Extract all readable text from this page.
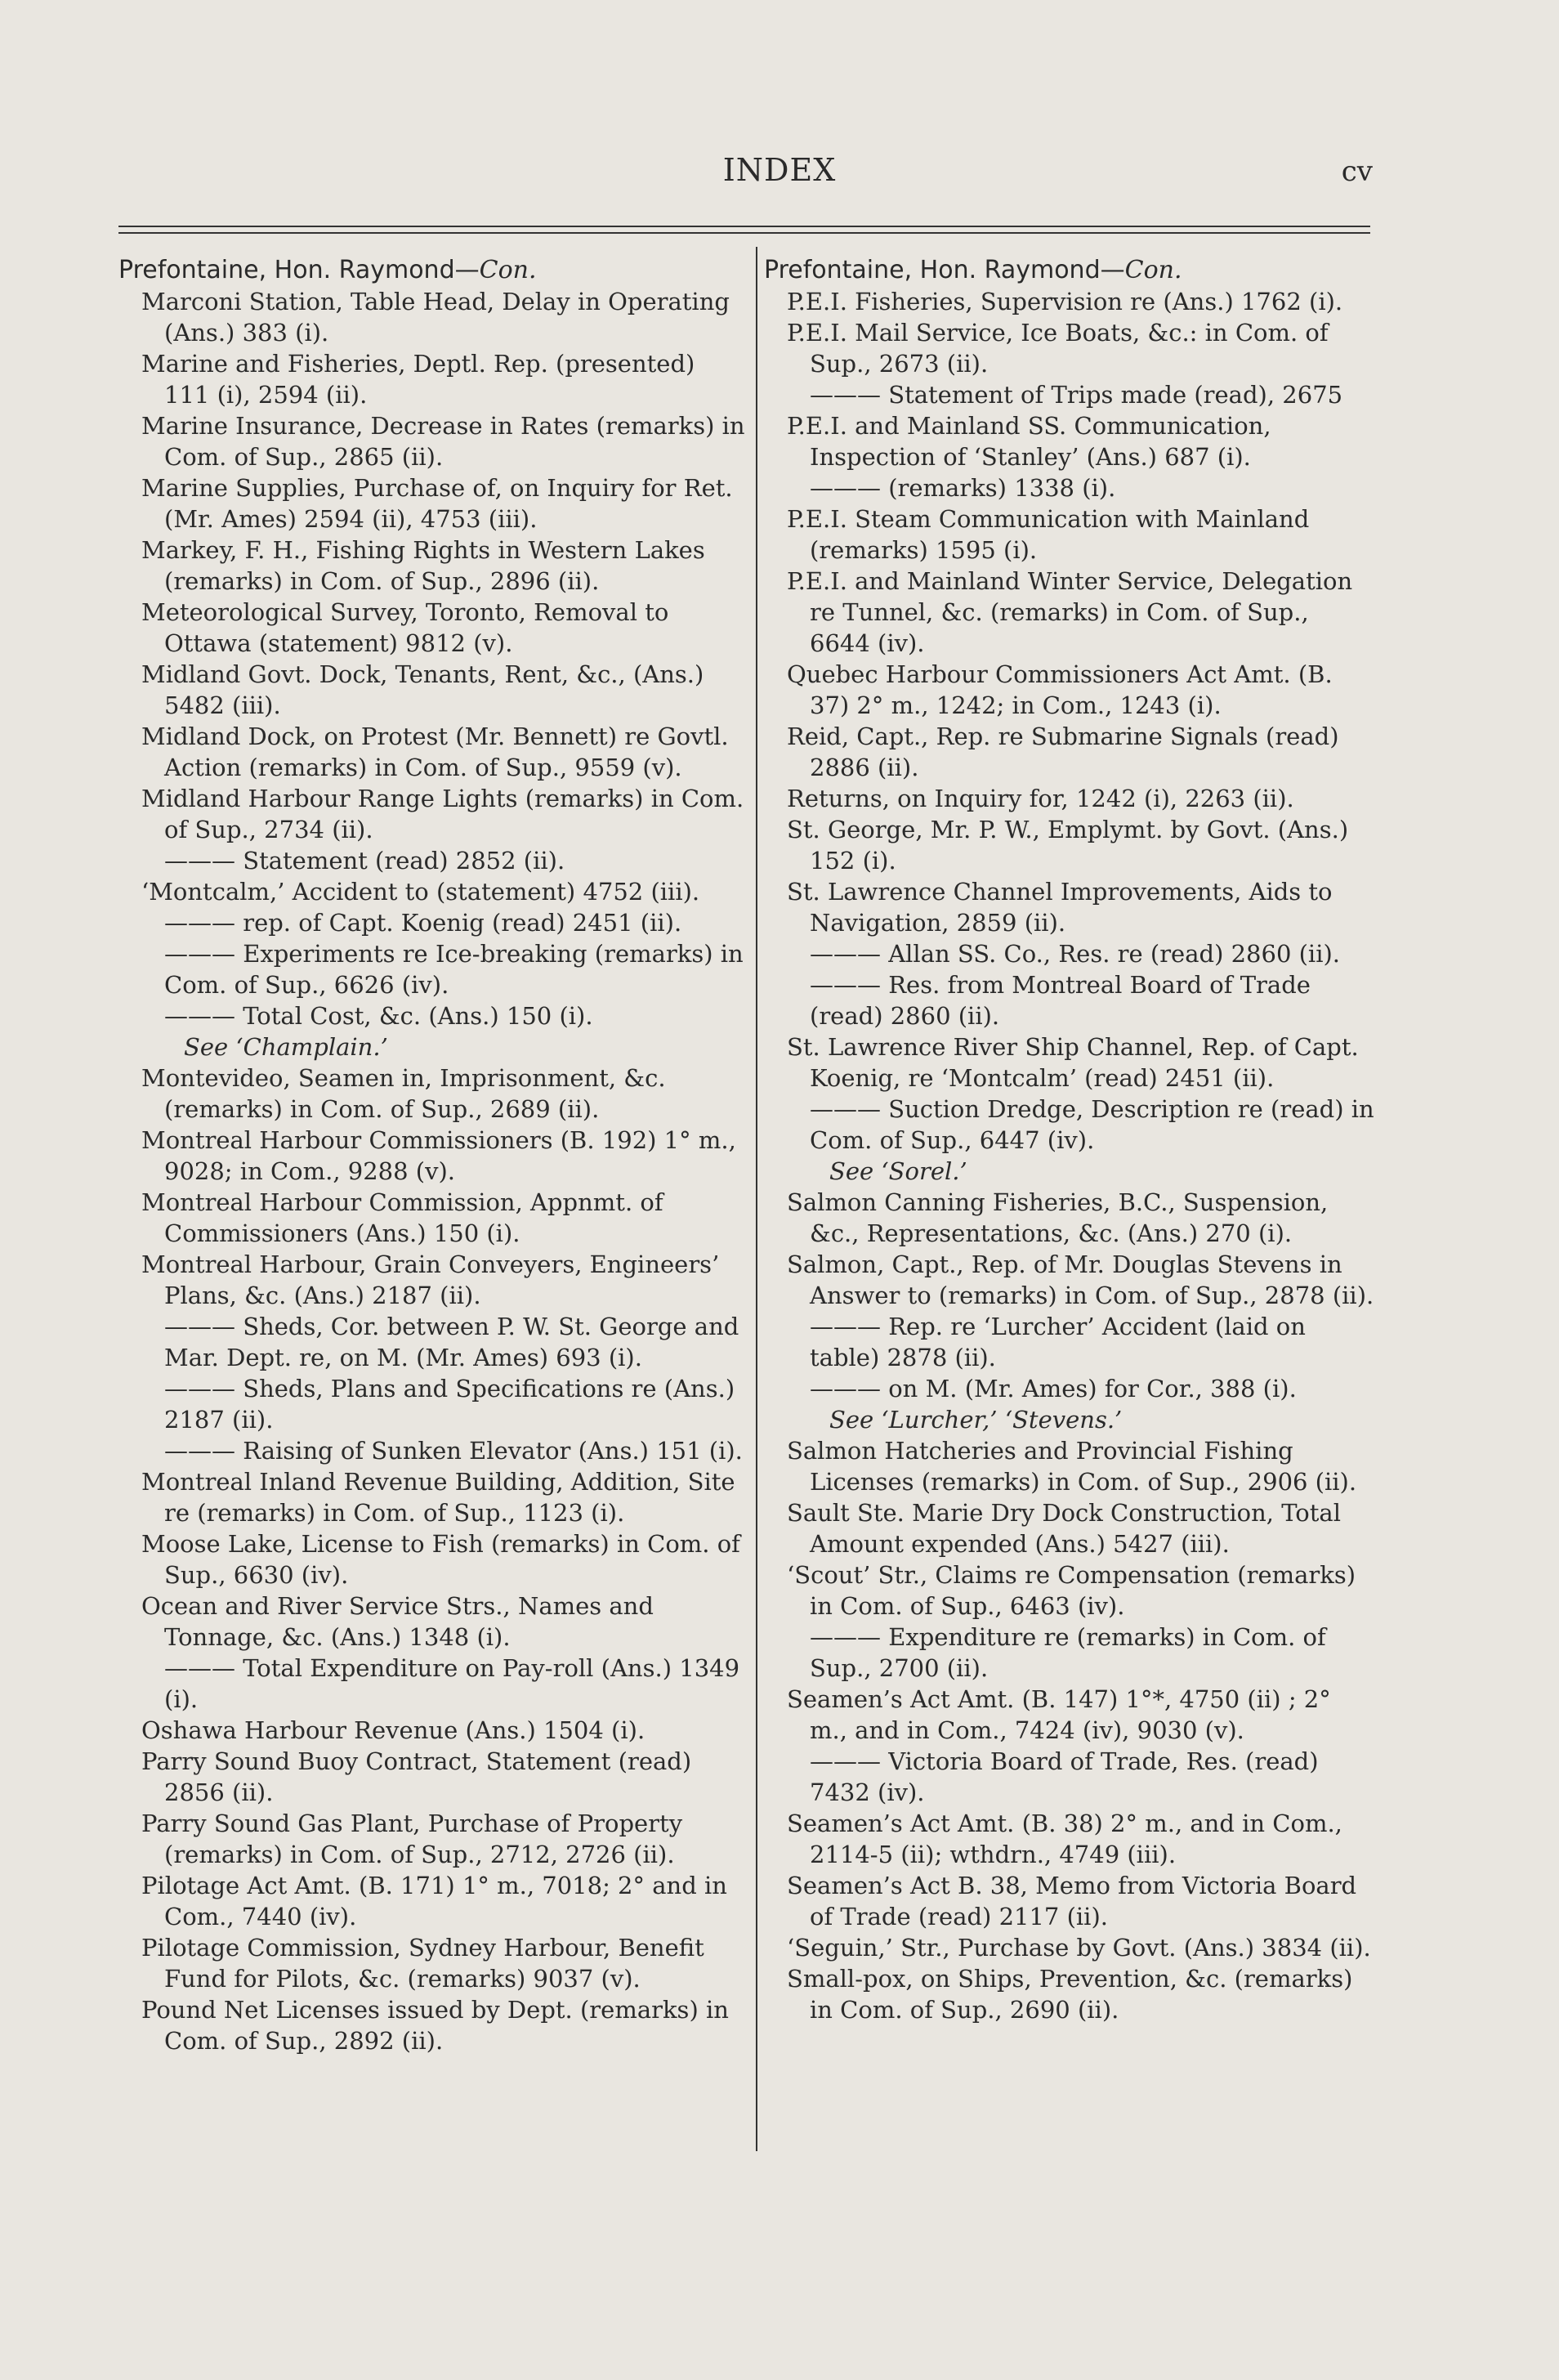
INDEX	cv
Prefontaine, Hon. Raymond—Con.
Marconi Station, Table Head, Delay in Operating (Ans.) 383 (i).
Marine and Fisheries, Deptl. Rep. (presented) 111 (i), 2594 (ii).
Marine Insurance, Decrease in Rates (remarks) in Com. of Sup., 2865 (ii).
Marine Supplies, Purchase of, on Inquiry for Ret. (Mr. Ames) 2594 (ii), 4753 (iii).
Markey, F. H., Fishing Rights in Western Lakes (remarks) in Com. of Sup., 2896 (ii).
Meteorological Survey, Toronto, Removal to Ottawa (statement) 9812 (v).
Midland Govt. Dock, Tenants, Rent, &c., (Ans.) 5482 (iii).
Midland Dock, on Protest (Mr. Bennett) re Govtl. Action (remarks) in Com. of Sup., 9559 (v).
Midland Harbour Range Lights (remarks) in Com. of Sup., 2734 (ii).
——— Statement (read) 2852 (ii).
‘Montcalm,’ Accident to (statement) 4752 (iii).
——— rep. of Capt. Koenig (read) 2451 (ii).
——— Experiments re Ice-breaking (remarks) in Com. of Sup., 6626 (iv).
——— Total Cost, &c. (Ans.) 150 (i).
See ‘Champlain.’
Montevideo, Seamen in, Imprisonment, &c. (remarks) in Com. of Sup., 2689 (ii).
Montreal Harbour Commissioners (B. 192) 1° m., 9028; in Com., 9288 (v).
Montreal Harbour Commission, Appnmt. of Commissioners (Ans.) 150 (i).
Montreal Harbour, Grain Conveyers, Engineers’ Plans, &c. (Ans.) 2187 (ii).
——— Sheds, Cor. between P. W. St. George and Mar. Dept. re, on M. (Mr. Ames) 693 (i).
——— Sheds, Plans and Specifications re (Ans.) 2187 (ii).
——— Raising of Sunken Elevator (Ans.) 151 (i).
Montreal Inland Revenue Building, Addition, Site re (remarks) in Com. of Sup., 1123 (i).
Moose Lake, License to Fish (remarks) in Com. of Sup., 6630 (iv).
Ocean and River Service Strs., Names and Tonnage, &c. (Ans.) 1348 (i).
——— Total Expenditure on Pay-roll (Ans.) 1349 (i).
Oshawa Harbour Revenue (Ans.) 1504 (i).
Parry Sound Buoy Contract, Statement (read) 2856 (ii).
Parry Sound Gas Plant, Purchase of Property (remarks) in Com. of Sup., 2712, 2726 (ii).
Pilotage Act Amt. (B. 171) 1° m., 7018; 2° and in Com., 7440 (iv).
Pilotage Commission, Sydney Harbour, Benefit Fund for Pilots, &c. (remarks) 9037 (v).
Pound Net Licenses issued by Dept. (remarks) in Com. of Sup., 2892 (ii).
Prefontaine, Hon. Raymond—Con.
P.E.I. Fisheries, Supervision re (Ans.) 1762 (i).
P.E.I. Mail Service, Ice Boats, &c.: in Com. of Sup., 2673 (ii).
——— Statement of Trips made (read), 2675
P.E.I. and Mainland SS. Communication, Inspection of ‘Stanley’ (Ans.) 687 (i).
——— (remarks) 1338 (i).
P.E.I. Steam Communication with Mainland (remarks) 1595 (i).
P.E.I. and Mainland Winter Service, Delegation re Tunnel, &c. (remarks) in Com. of Sup., 6644 (iv).
Quebec Harbour Commissioners Act Amt. (B. 37) 2° m., 1242; in Com., 1243 (i).
Reid, Capt., Rep. re Submarine Signals (read) 2886 (ii).
Returns, on Inquiry for, 1242 (i), 2263 (ii).
St. George, Mr. P. W., Emplymt. by Govt. (Ans.) 152 (i).
St. Lawrence Channel Improvements, Aids to Navigation, 2859 (ii).
——— Allan SS. Co., Res. re (read) 2860 (ii).
——— Res. from Montreal Board of Trade (read) 2860 (ii).
St. Lawrence River Ship Channel, Rep. of Capt. Koenig, re ‘Montcalm’ (read) 2451 (ii).
——— Suction Dredge, Description re (read) in Com. of Sup., 6447 (iv).
See ‘Sorel.’
Salmon Canning Fisheries, B.C., Suspension, &c., Representations, &c. (Ans.) 270 (i).
Salmon, Capt., Rep. of Mr. Douglas Stevens in Answer to (remarks) in Com. of Sup., 2878 (ii).
——— Rep. re ‘Lurcher’ Accident (laid on table) 2878 (ii).
——— on M. (Mr. Ames) for Cor., 388 (i).
See ‘Lurcher,’ ‘Stevens.’
Salmon Hatcheries and Provincial Fishing Licenses (remarks) in Com. of Sup., 2906 (ii).
Sault Ste. Marie Dry Dock Construction, Total Amount expended (Ans.) 5427 (iii).
‘Scout’ Str., Claims re Compensation (remarks) in Com. of Sup., 6463 (iv).
——— Expenditure re (remarks) in Com. of Sup., 2700 (ii).
Seamen’s Act Amt. (B. 147) 1°*, 4750 (ii) ; 2° m., and in Com., 7424 (iv), 9030 (v).
——— Victoria Board of Trade, Res. (read) 7432 (iv).
Seamen’s Act Amt. (B. 38) 2° m., and in Com., 2114-5 (ii); wthdrn., 4749 (iii).
Seamen’s Act B. 38, Memo from Victoria Board of Trade (read) 2117 (ii).
‘Seguin,’ Str., Purchase by Govt. (Ans.) 3834 (ii).
Small-pox, on Ships, Prevention, &c. (remarks) in Com. of Sup., 2690 (ii).
